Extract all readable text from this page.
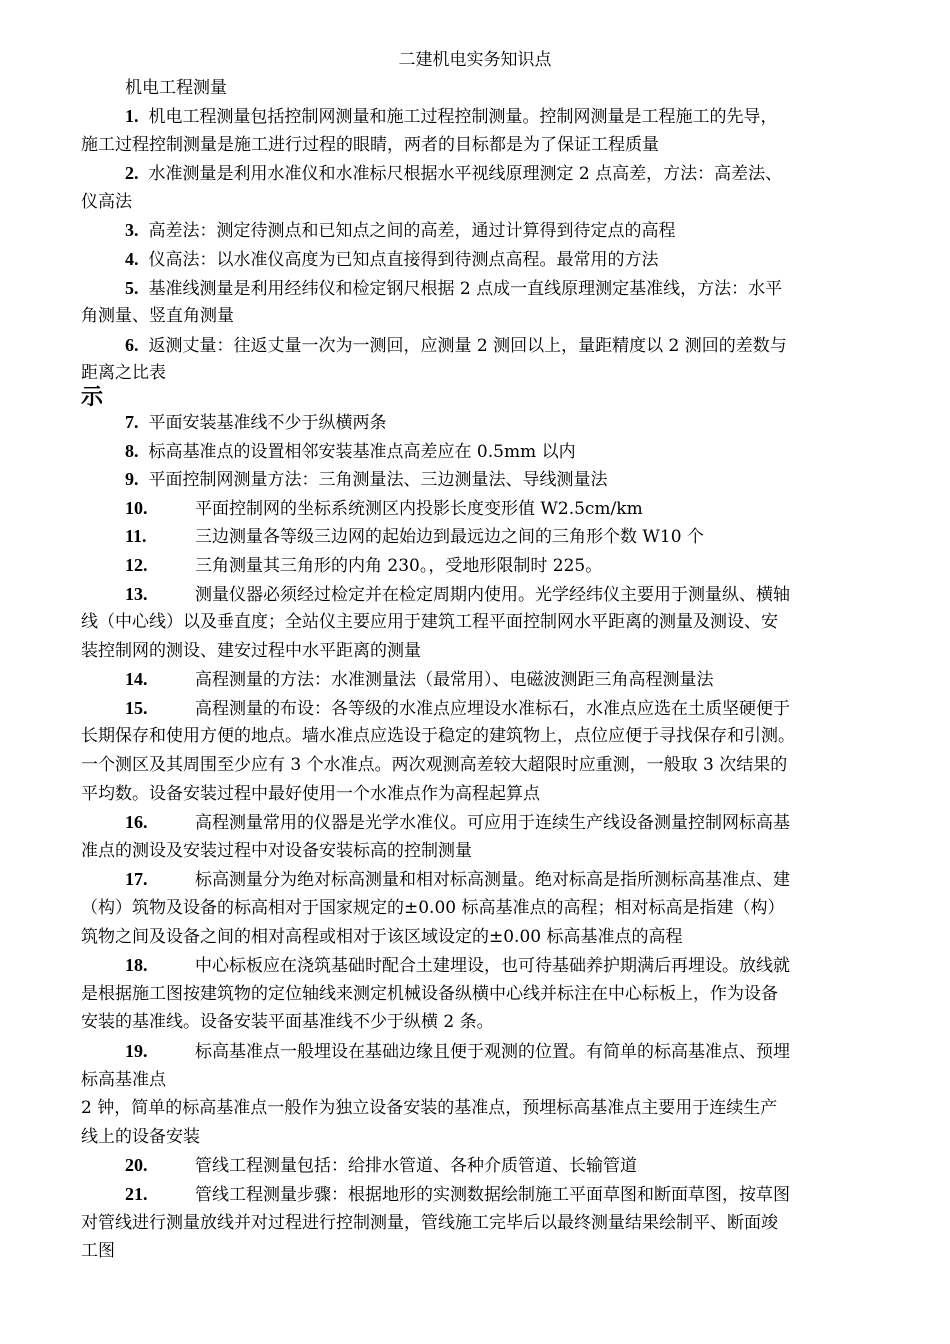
二建机电实务知识点
机电工程测量
示
1. 机电工程测量包括控制网测量和施工过程控制测量。控制网测量是工程施工的先导，
施工过程控制测量是施工进行过程的眼睛，两者的目标都是为了保证工程质量
2. 水准测量是利用水准仪和水准标尺根据水平视线原理测定 2 点高差，方法：高差法、
仪高法
3. 高差法：测定待测点和已知点之间的高差，通过计算得到待定点的高程
4. 仪高法：以水准仪高度为已知点直接得到待测点高程。最常用的方法
5. 基准线测量是利用经纬仪和检定钢尺根据 2 点成一直线原理测定基准线，方法：水平
角测量、竖直角测量
6. 返测丈量：往返丈量一次为一测回，应测量 2 测回以上，量距精度以 2 测回的差数与
距离之比表
7. 平面安装基准线不少于纵横两条
8. 标高基准点的设置相邻安装基准点高差应在 0.5mm 以内
9. 平面控制网测量方法：三角测量法、三边测量法、导线测量法
10.	平面控制网的坐标系统测区内投影长度变形值 W2.5cm/km
11.	三边测量各等级三边网的起始边到最远边之间的三角形个数 W10 个
12.	三角测量其三角形的内角 230。，受地形限制时 225。
13.	测量仪器必须经过检定并在检定周期内使用。光学经纬仪主要用于测量纵、横轴
线（中心线）以及垂直度；全站仪主要应用于建筑工程平面控制网水平距离的测量及测设、安
装控制网的测设、建安过程中水平距离的测量
14.	高程测量的方法：水准测量法（最常用）、电磁波测距三角高程测量法
15.	高程测量的布设：各等级的水准点应埋设水准标石，水准点应选在土质坚硬便于
长期保存和使用方便的地点。墙水准点应选设于稳定的建筑物上，点位应便于寻找保存和引测。
一个测区及其周围至少应有 3 个水准点。两次观测高差较大超限时应重测，一般取 3 次结果的
平均数。设备安装过程中最好使用一个水准点作为高程起算点
16.	高程测量常用的仪器是光学水准仪。可应用于连续生产线设备测量控制网标高基
准点的测设及安装过程中对设备安装标高的控制测量
17.	标高测量分为绝对标高测量和相对标高测量。绝对标高是指所测标高基准点、建
（构）筑物及设备的标高相对于国家规定的±0.00 标高基准点的高程；相对标高是指建（构）
筑物之间及设备之间的相对高程或相对于该区域设定的±0.00 标高基准点的高程
18.	中心标板应在浇筑基础时配合土建埋设，也可待基础养护期满后再埋设。放线就
是根据施工图按建筑物的定位轴线来测定机械设备纵横中心线并标注在中心标板上，作为设备
安装的基准线。设备安装平面基准线不少于纵横 2 条。
19.	标高基准点一般埋设在基础边缘且便于观测的位置。有简单的标高基准点、预埋
标高基准点
2 钟，简单的标高基准点一般作为独立设备安装的基准点，预埋标高基准点主要用于连续生产
线上的设备安装
20.	管线工程测量包括：给排水管道、各种介质管道、长输管道
21.	管线工程测量步骤：根据地形的实测数据绘制施工平面草图和断面草图，按草图
对管线进行测量放线并对过程进行控制测量，管线施工完毕后以最终测量结果绘制平、断面竣
工图
